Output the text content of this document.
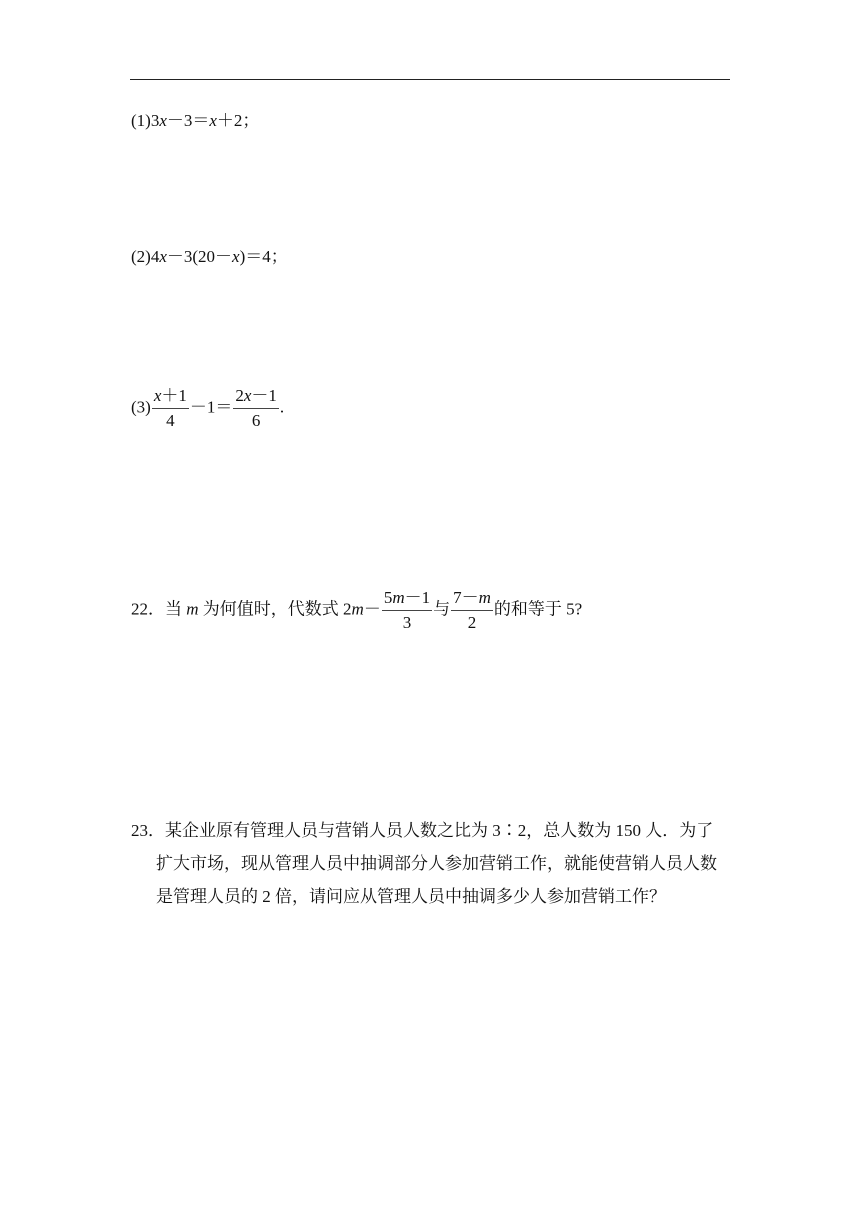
(1)3x－3＝x＋2；
(2)4x－3(20－x)＝4；
$(3) \frac{x+1}{4} -1= \frac{2x-1}{6}$ .
22．当 m 为何值时，代数式 $2m- \frac{5m-1}{3}$ 与 $\frac{7-m}{2}$ 的和等于 5?
23．某企业原有管理人员与营销人员人数之比为 3∶2，总人数为 150 人．为了
扩大市场，现从管理人员中抽调部分人参加营销工作，就能使营销人员人数
是管理人员的 2 倍，请问应从管理人员中抽调多少人参加营销工作？
